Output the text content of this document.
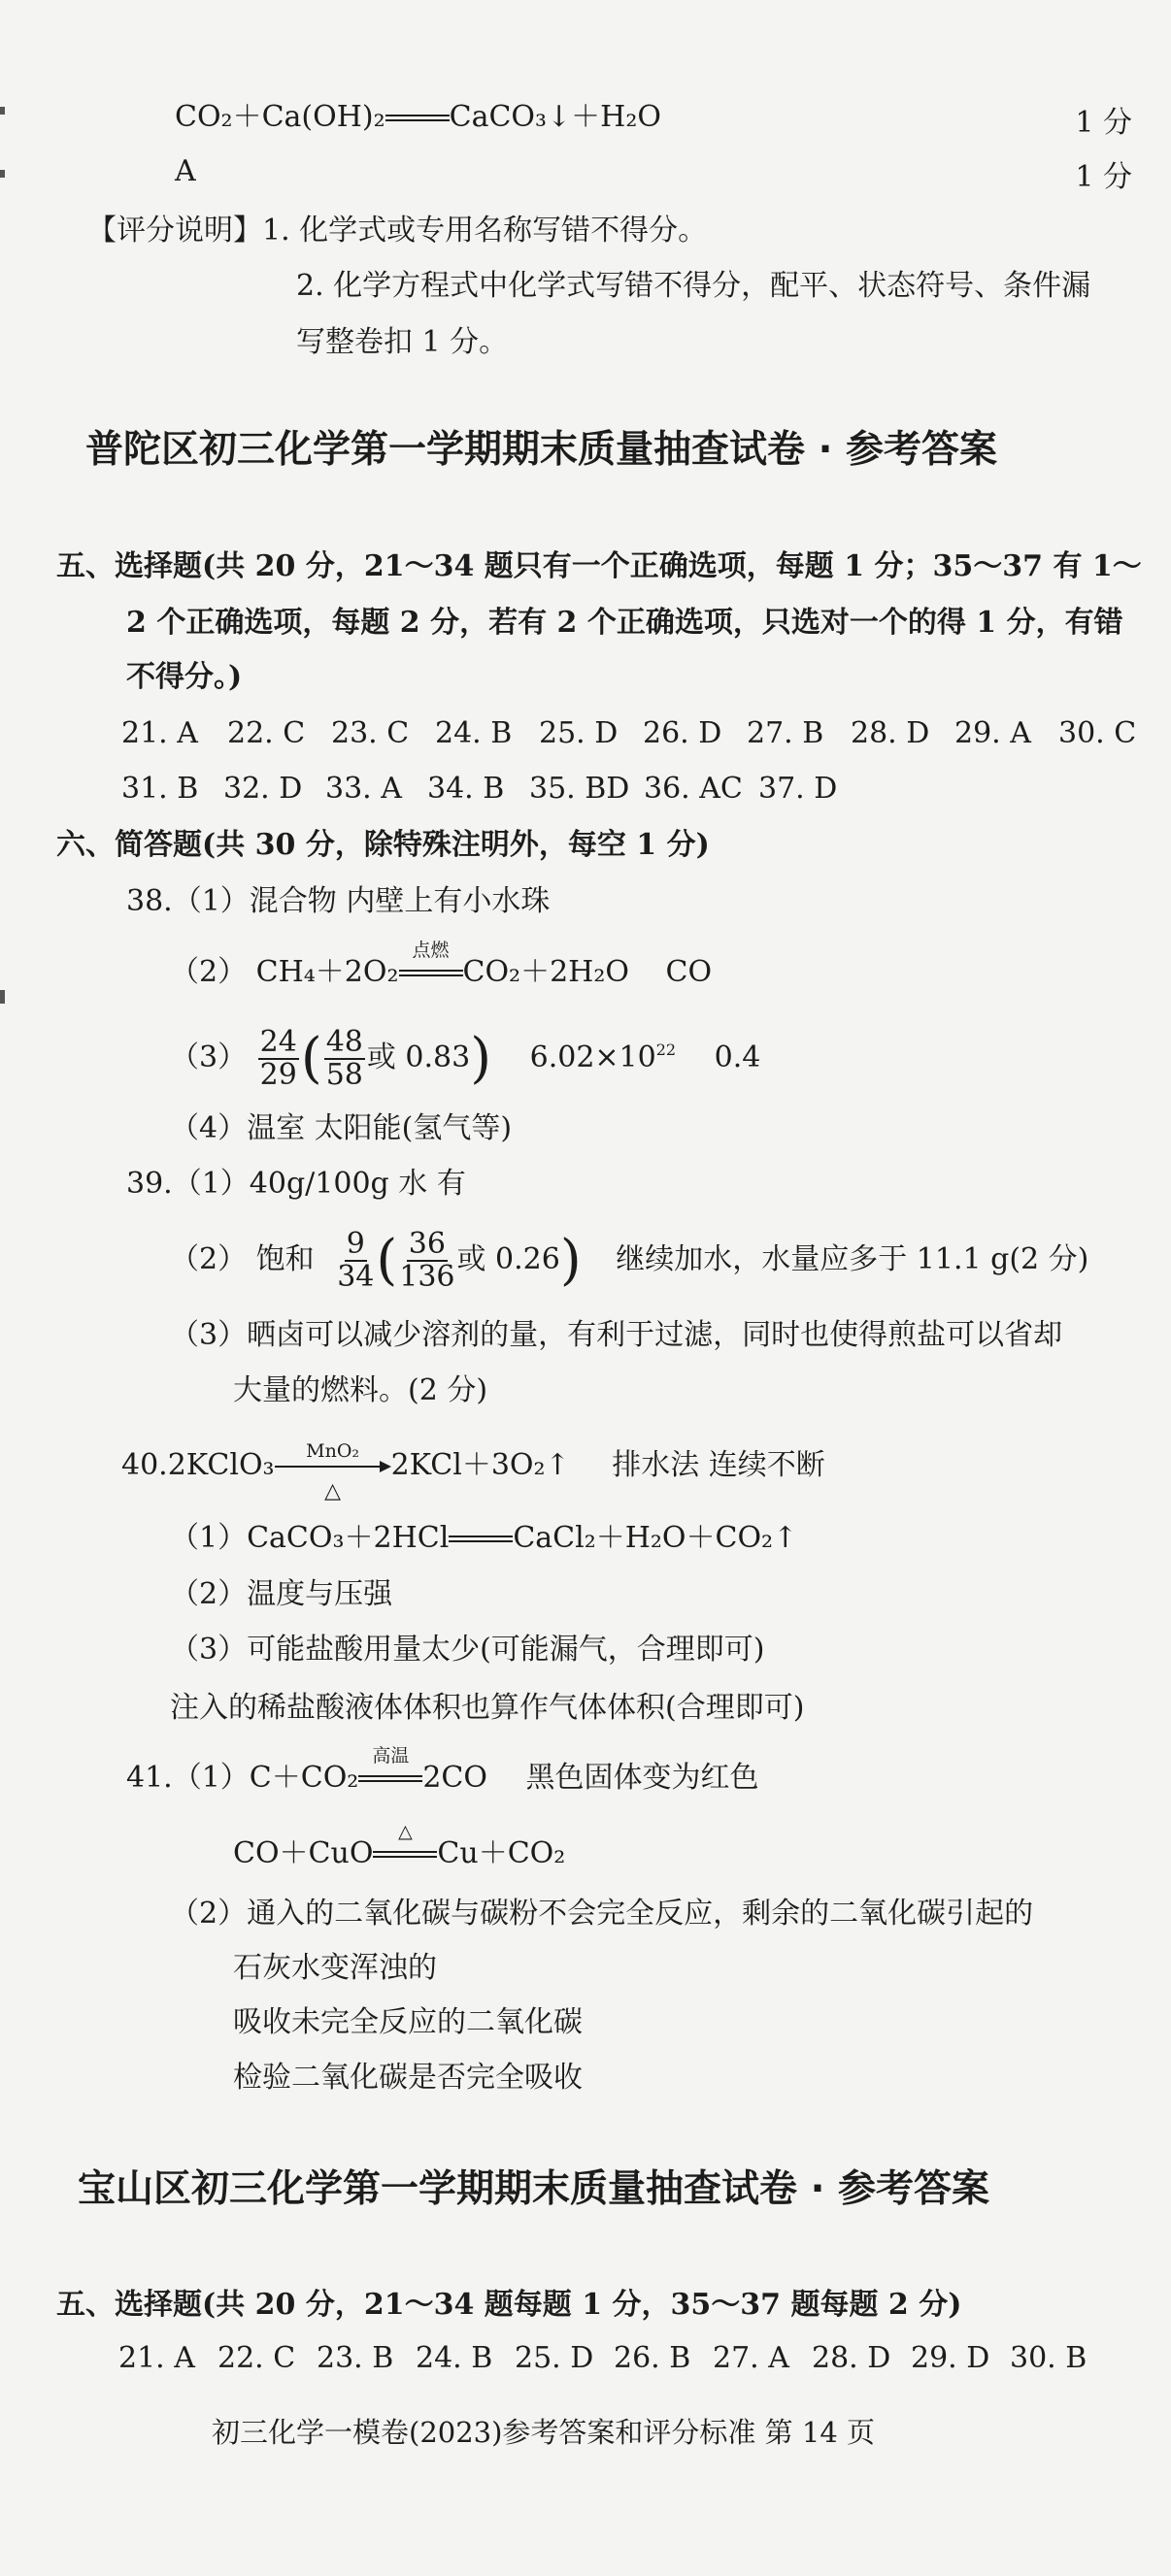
CO₂＋Ca(OH)₂ CaCO₃↓＋H₂O	1 分
A	1 分
【评分说明】1. 化学式或专用名称写错不得分。
2. 化学方程式中化学式写错不得分，配平、状态符号、条件漏
写整卷扣 1 分。
普陀区初三化学第一学期期末质量抽查试卷 · 参考答案
五、选择题(共 20 分，21～34 题只有一个正确选项，每题 1 分；35～37 有 1～
2 个正确选项，每题 2 分，若有 2 个正确选项，只选对一个的得 1 分，有错
不得分。)
21. A	22. C 23. C 24. B 25. D 26. D 27. B 28. D 29. A 30. C
31. B 32. D 33. A 34. B 35. BD 36. AC 37. D
六、简答题(共 30 分，除特殊注明外，每空 1 分)
38.（1）混合物 内壁上有小水珠
（2） CH₄＋2O₂
点燃
CO₂＋2H₂O CO
$(3) \frac{24}{29}$ ( $\frac{48}{58}$ 或 0.83) $6.02\times 10^{22}$ 0.4
（4）温室 太阳能(氢气等)
39.（1）40g/100g 水 有
（2） 饱和 $\frac{9}{34}$ ( $\frac{36}{136}$ 或 0.26) 继续加水，水量应多于 11.1 g(2 分)
（3）晒卤可以减少溶剂的量，有利于过滤，同时也使得煎盐可以省却
大量的燃料。(2 分)
40.2KClO₃	MnO₂
△
2KCl＋3O₂↑ 排水法 连续不断
（1）CaCO₃＋2HCl CaCl₂＋H₂O＋CO₂↑
（2）温度与压强
（3）可能盐酸用量太少(可能漏气，合理即可)
注入的稀盐酸液体体积也算作气体体积(合理即可)
41.（1）C＋CO₂
高温
2CO 黑色固体变为红色
CO＋CuO
△
Cu＋CO₂
（2）通入的二氧化碳与碳粉不会完全反应，剩余的二氧化碳引起的
石灰水变浑浊的
吸收未完全反应的二氧化碳
检验二氧化碳是否完全吸收
宝山区初三化学第一学期期末质量抽查试卷 · 参考答案
五、选择题(共 20 分，21～34 题每题 1 分，35～37 题每题 2 分)
21. A 22. C 23. B 24. B 25. D 26. B 27. A 28. D 29. D 30. B
初三化学一模卷(2023)参考答案和评分标准 第 14 页
